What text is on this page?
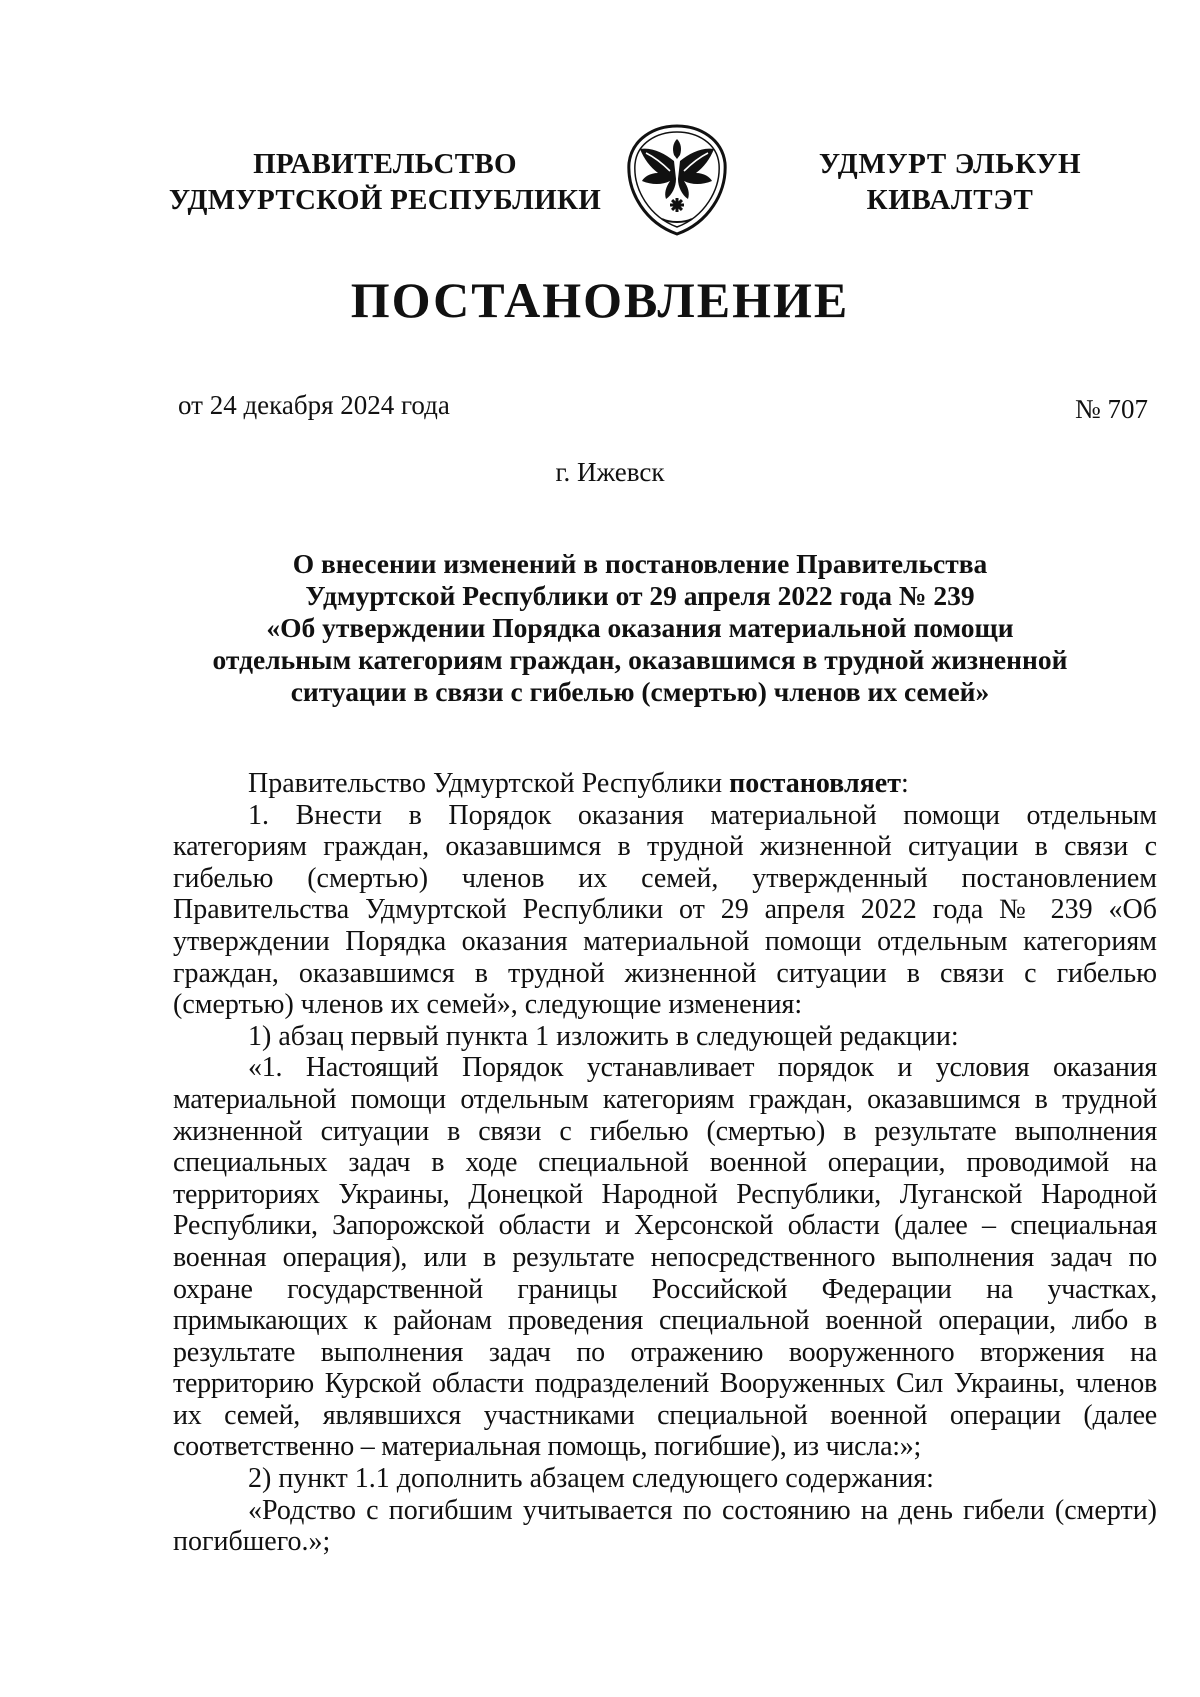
ПРАВИТЕЛЬСТВО
УДМУРТСКОЙ РЕСПУБЛИКИ
УДМУРТ ЭЛЬКУН
КИВАЛТЭТ
ПОСТАНОВЛЕНИЕ
от 24 декабря 2024 года	№ 707
г. Ижевск
О внесении изменений в постановление Правительства
Удмуртской Республики от 29 апреля 2022 года № 239
«Об утверждении Порядка оказания материальной помощи
отдельным категориям граждан, оказавшимся в трудной жизненной
ситуации в связи с гибелью (смертью) членов их семей»

Правительство Удмуртской Республики постановляет:

1. Внести в Порядок оказания материальной помощи отдельным категориям граждан, оказавшимся в трудной жизненной ситуации в связи с гибелью (смертью) членов их семей, утвержденный постановлением Правительства Удмуртской Республики от 29 апреля 2022 года № 239 «Об утверждении Порядка оказания материальной помощи отдельным категориям граждан, оказавшимся в трудной жизненной ситуации в связи с гибелью (смертью) членов их семей», следующие изменения:

1) абзац первый пункта 1 изложить в следующей редакции:

«1. Настоящий Порядок устанавливает порядок и условия оказания материальной помощи отдельным категориям граждан, оказавшимся в трудной жизненной ситуации в связи с гибелью (смертью) в результате выполнения специальных задач в ходе специальной военной операции, проводимой на территориях Украины, Донецкой Народной Республики, Луганской Народной Республики, Запорожской области и Херсонской области (далее – специальная военная операция), или в результате непосредственного выполнения задач по охране государственной границы Российской Федерации на участках, примыкающих к районам проведения специальной военной операции, либо в результате выполнения задач по отражению вооруженного вторжения на территорию Курской области подразделений Вооруженных Сил Украины, членов их семей, являвшихся участниками специальной военной операции (далее соответственно – материальная помощь, погибшие), из числа:»;

2) пункт 1.1 дополнить абзацем следующего содержания:

«Родство с погибшим учитывается по состоянию на день гибели (смерти) погибшего.»;
